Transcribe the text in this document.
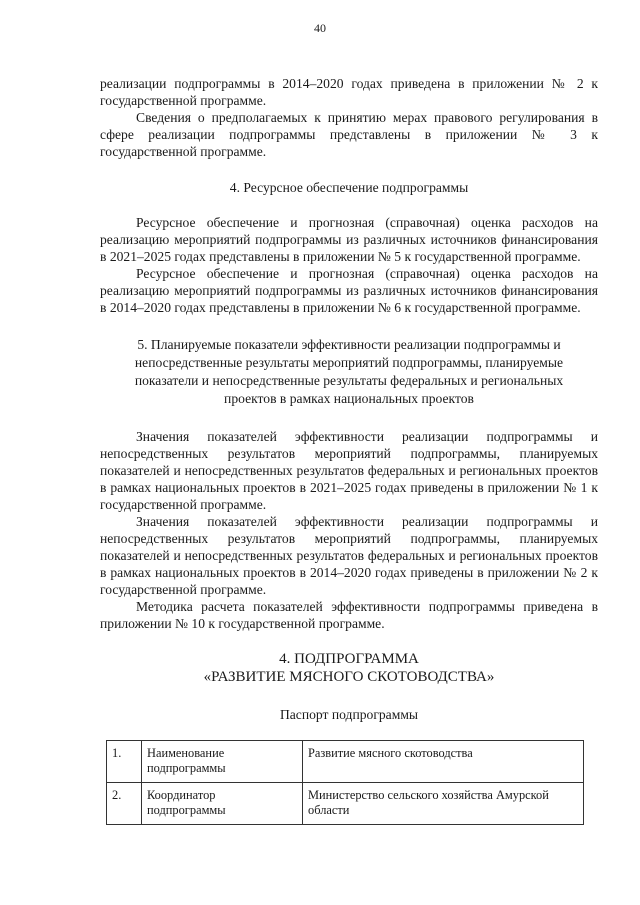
40

реализации подпрограммы в 2014–2020 годах приведена в приложении № 2 к государственной программе.

Сведения о предполагаемых к принятию мерах правового регулирования в сфере реализации подпрограммы представлены в приложении № 3 к государственной программе.

4. Ресурсное обеспечение подпрограммы

Ресурсное обеспечение и прогнозная (справочная) оценка расходов на реализацию мероприятий подпрограммы из различных источников финансирования в 2021–2025 годах представлены в приложении № 5 к государственной программе.

Ресурсное обеспечение и прогнозная (справочная) оценка расходов на реализацию мероприятий подпрограммы из различных источников финансирования в 2014–2020 годах представлены в приложении № 6 к государственной программе.

5. Планируемые показатели эффективности реализации подпрограммы и непосредственные результаты мероприятий подпрограммы, планируемые показатели и непосредственные результаты федеральных и региональных проектов в рамках национальных проектов

Значения показателей эффективности реализации подпрограммы и непосредственных результатов мероприятий подпрограммы, планируемых показателей и непосредственных результатов федеральных и региональных проектов в рамках национальных проектов в 2021–2025 годах приведены в приложении № 1 к государственной программе.

Значения показателей эффективности реализации подпрограммы и непосредственных результатов мероприятий подпрограммы, планируемых показателей и непосредственных результатов федеральных и региональных проектов в рамках национальных проектов в 2014–2020 годах приведены в приложении № 2 к государственной программе.

Методика расчета показателей эффективности подпрограммы приведена в приложении № 10 к государственной программе.

4. ПОДПРОГРАММА
«РАЗВИТИЕ МЯСНОГО СКОТОВОДСТВА»
Паспорт подпрограммы
1.	Наименование подпрограммы	Развитие мясного скотоводства
2.	Координатор подпрограммы	Министерство сельского хозяйства Амурской области
